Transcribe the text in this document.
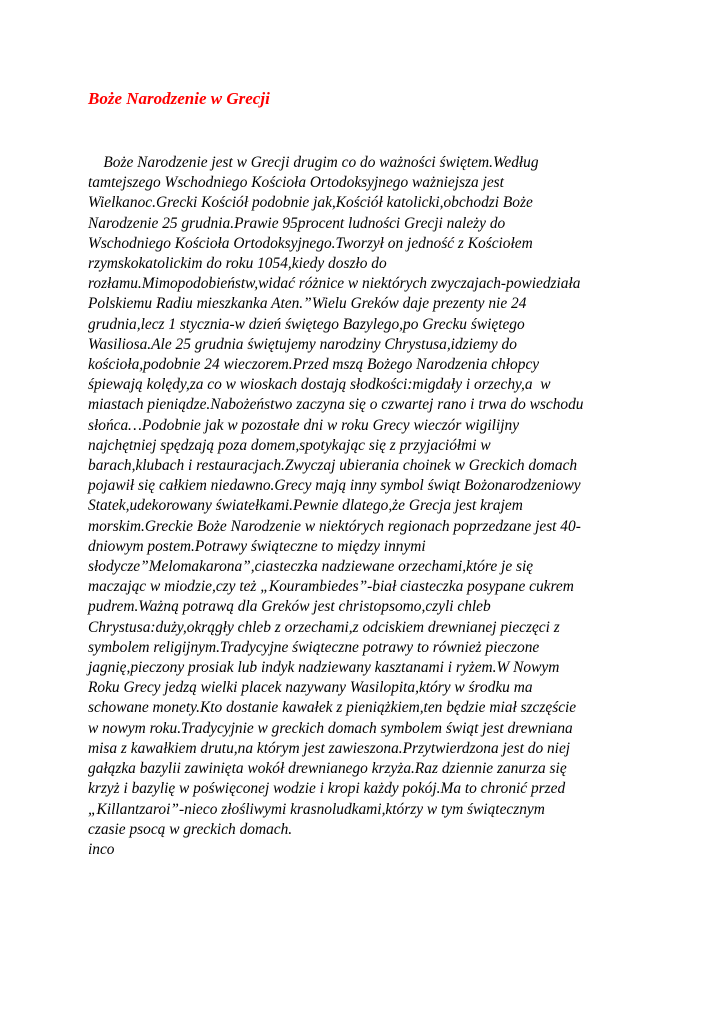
Boże Narodzenie w Grecji
Boże Narodzenie jest w Grecji drugim co do ważności świętem.Według
tamtejszego Wschodniego Kościoła Ortodoksyjnego ważniejsza jest
Wielkanoc.Grecki Kościół podobnie jak,Kościół katolicki,obchodzi Boże
Narodzenie 25 grudnia.Prawie 95procent ludności Grecji należy do
Wschodniego Kościoła Ortodoksyjnego.Tworzył on jedność z Kościołem
rzymskokatolickim do roku 1054,kiedy doszło do
rozłamu.Mimopodobieństw,widać różnice w niektórych zwyczajach-powiedziała
Polskiemu Radiu mieszkanka Aten.”Wielu Greków daje prezenty nie 24
grudnia,lecz 1 stycznia-w dzień świętego Bazylego,po Grecku świętego
Wasiliosa.Ale 25 grudnia świętujemy narodziny Chrystusa,idziemy do
kościoła,podobnie 24 wieczorem.Przed mszą Bożego Narodzenia chłopcy
śpiewają kolędy,za co w wioskach dostają słodkości:migdały i orzechy,a  w
miastach pieniądze.Nabożeństwo zaczyna się o czwartej rano i trwa do wschodu
słońca…Podobnie jak w pozostałe dni w roku Grecy wieczór wigilijny
najchętniej spędzają poza domem,spotykając się z przyjaciółmi w
barach,klubach i restauracjach.Zwyczaj ubierania choinek w Greckich domach
pojawił się całkiem niedawno.Grecy mają inny symbol świąt Bożonarodzeniowy
Statek,udekorowany światełkami.Pewnie dlatego,że Grecja jest krajem
morskim.Greckie Boże Narodzenie w niektórych regionach poprzedzane jest 40-
dniowym postem.Potrawy świąteczne to między innymi
słodycze”Melomakarona”,ciasteczka nadziewane orzechami,które je się
maczając w miodzie,czy też „Kourambiedes”-biał ciasteczka posypane cukrem
pudrem.Ważną potrawą dla Greków jest christopsomo,czyli chleb
Chrystusa:duży,okrągły chleb z orzechami,z odciskiem drewnianej pieczęci z
symbolem religijnym.Tradycyjne świąteczne potrawy to również pieczone
jagnię,pieczony prosiak lub indyk nadziewany kasztanami i ryżem.W Nowym
Roku Grecy jedzą wielki placek nazywany Wasilopita,który w środku ma
schowane monety.Kto dostanie kawałek z pieniążkiem,ten będzie miał szczęście
w nowym roku.Tradycyjnie w greckich domach symbolem świąt jest drewniana
misa z kawałkiem drutu,na którym jest zawieszona.Przytwierdzona jest do niej
gałązka bazylii zawinięta wokół drewnianego krzyża.Raz dziennie zanurza się
krzyż i bazylię w poświęconej wodzie i kropi każdy pokój.Ma to chronić przed
„Killantzaroi”-nieco złośliwymi krasnoludkami,którzy w tym świątecznym
czasie psocą w greckich domach.
inco
